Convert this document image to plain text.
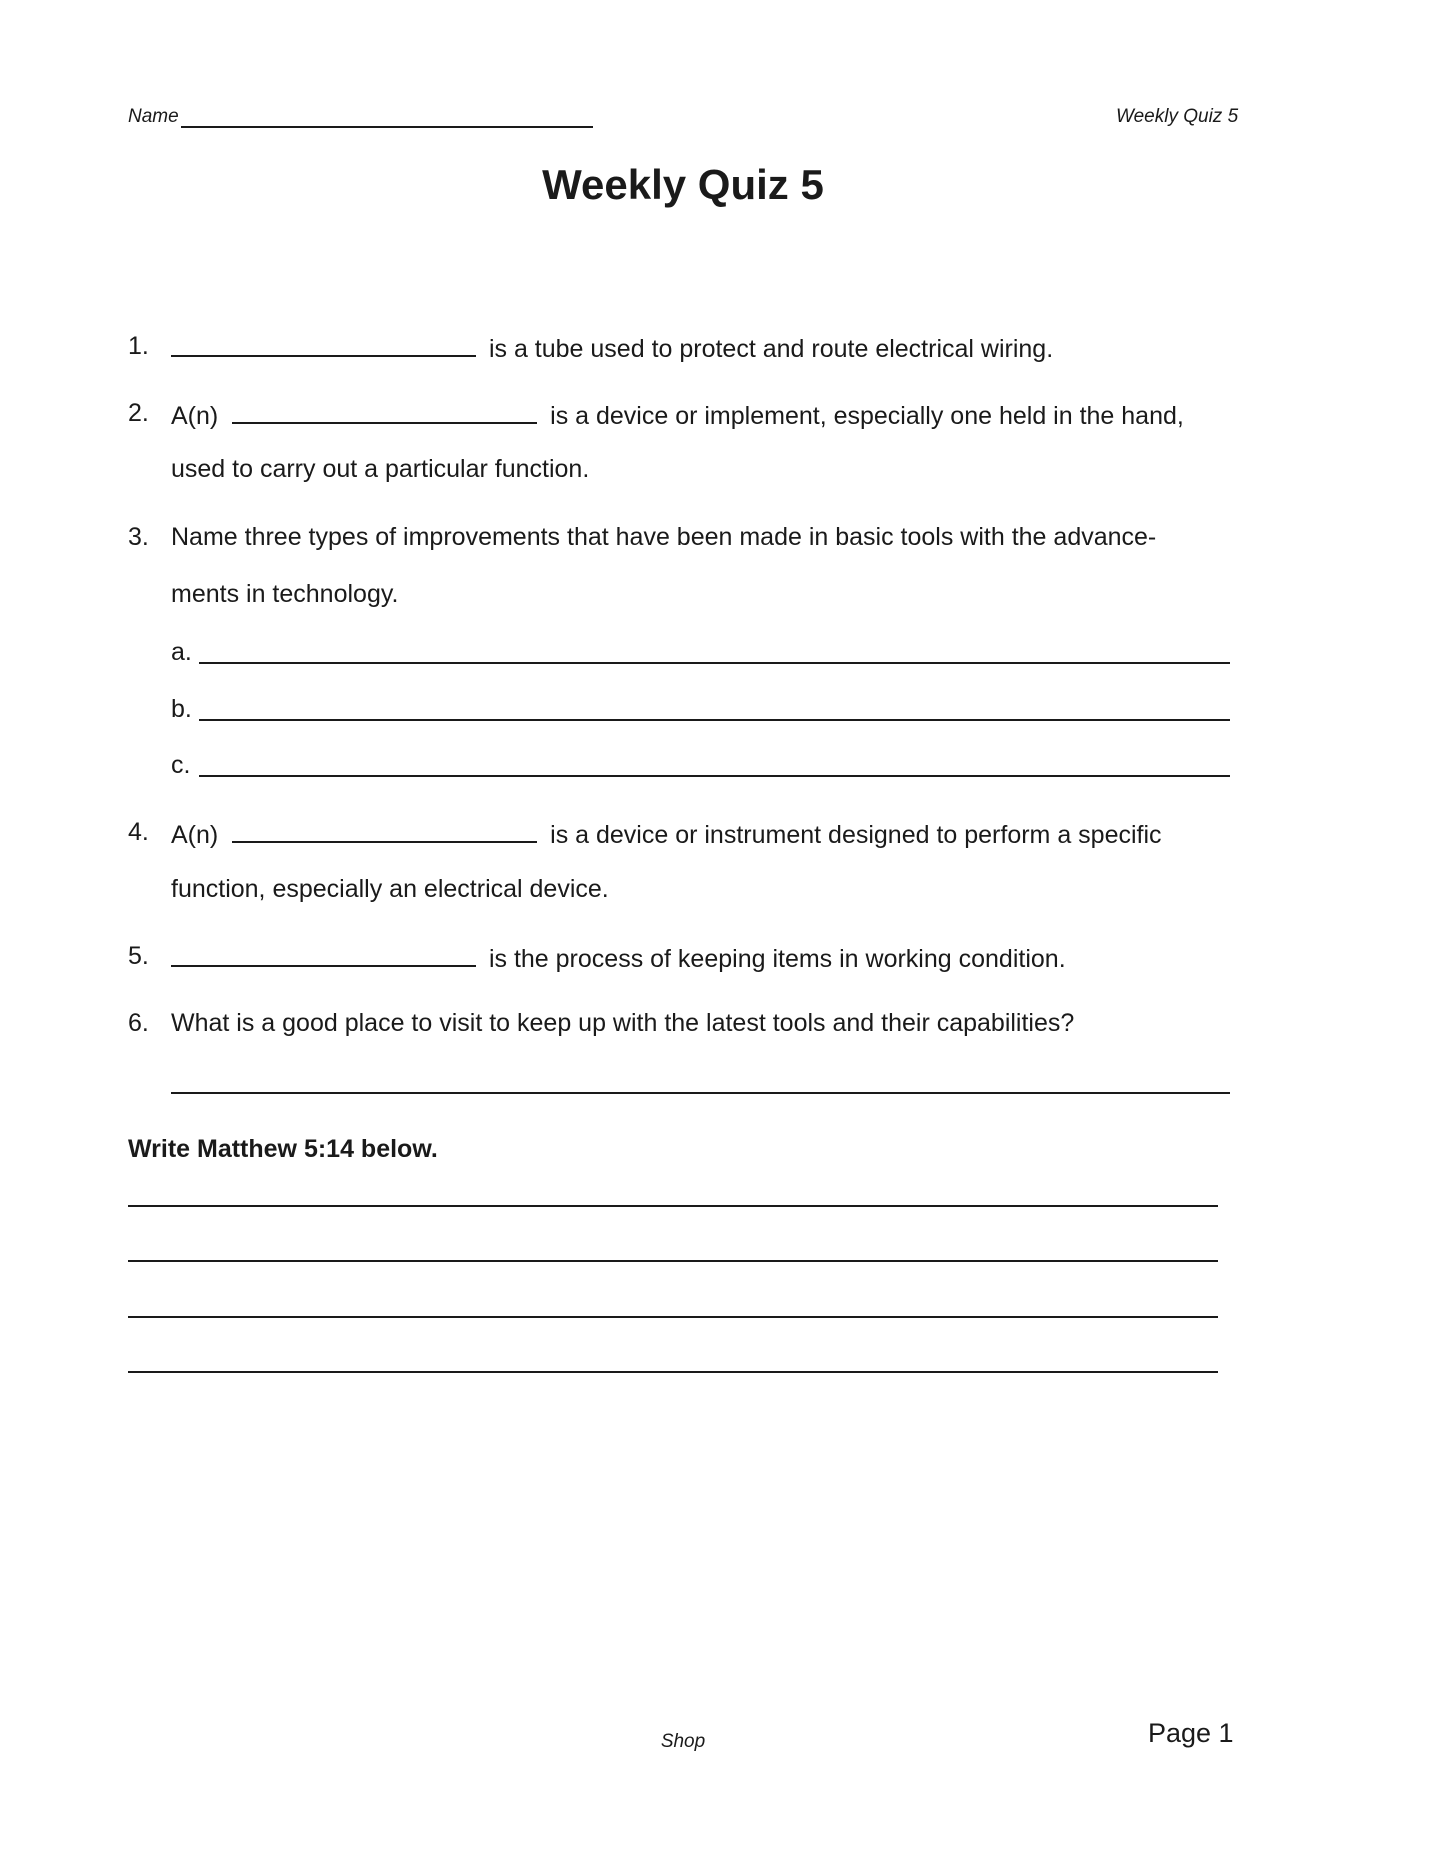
Name	Weekly Quiz 5
Weekly Quiz 5
1.	is a tube used to protect and route electrical wiring.
2. A(n)	is a device or implement, especially one held in the hand,
used to carry out a particular function.
3. Name three types of improvements that have been made in basic tools with the advance-
ments in technology.
a.
b.
c.
4. A(n)	is a device or instrument designed to perform a specific
function, especially an electrical device.
5.	is the process of keeping items in working condition.
6. What is a good place to visit to keep up with the latest tools and their capabilities?
Write Matthew 5:14 below.
Shop	Page 1
